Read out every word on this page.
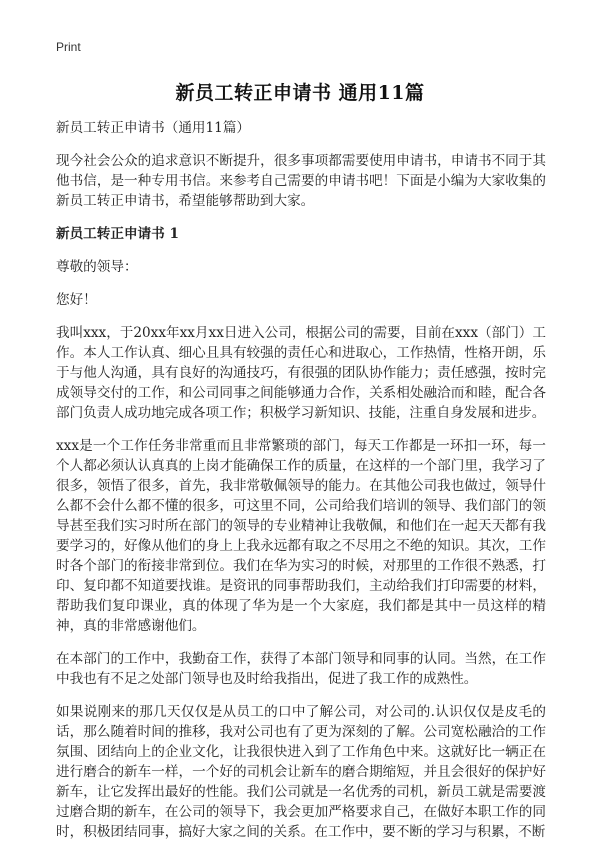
Print
新员工转正申请书 通用11篇

新员工转正申请书（通用11篇）

现今社会公众的追求意识不断提升，很多事项都需要使用申请书，申请书不同于其他书信，是一种专用书信。来参考自己需要的申请书吧！下面是小编为大家收集的新员工转正申请书，希望能够帮助到大家。

新员工转正申请书 1

尊敬的领导：

您好！

我叫xxx，于20xx年xx月xx日进入公司，根据公司的需要，目前在xxx（部门）工作。本人工作认真、细心且具有较强的责任心和进取心，工作热情，性格开朗，乐于与他人沟通，具有良好的沟通技巧，有很强的团队协作能力；责任感强，按时完成领导交付的工作，和公司同事之间能够通力合作，关系相处融洽而和睦，配合各部门负责人成功地完成各项工作；积极学习新知识、技能，注重自身发展和进步。

xxx是一个工作任务非常重而且非常繁琐的部门，每天工作都是一环扣一环，每一个人都必须认认真真的上岗才能确保工作的质量，在这样的一个部门里，我学习了很多，领悟了很多，首先，我非常敬佩领导的能力。在其他公司我也做过，领导什么都不会什么都不懂的很多，可这里不同，公司给我们培训的领导、我们部门的领导甚至我们实习时所在部门的领导的专业精神让我敬佩，和他们在一起天天都有我要学习的，好像从他们的身上上我永远都有取之不尽用之不绝的知识。其次，工作时各个部门的衔接非常到位。我们在华为实习的时候，对那里的工作很不熟悉，打印、复印都不知道要找谁。是资讯的同事帮助我们，主动给我们打印需要的材料，帮助我们复印课业，真的体现了华为是一个大家庭，我们都是其中一员这样的精神，真的非常感谢他们。

在本部门的工作中，我勤奋工作，获得了本部门领导和同事的认同。当然，在工作中我也有不足之处部门领导也及时给我指出，促进了我工作的成熟性。

如果说刚来的那几天仅仅是从员工的口中了解公司，对公司的.认识仅仅是皮毛的话，那么随着时间的推移，我对公司也有了更为深刻的了解。公司宽松融洽的工作氛围、团结向上的企业文化，让我很快进入到了工作角色中来。这就好比一辆正在进行磨合的新车一样，一个好的司机会让新车的磨合期缩短，并且会很好的保护好新车，让它发挥出最好的性能。我们公司就是一名优秀的司机，新员工就是需要渡过磨合期的新车，在公司的领导下，我会更加严格要求自己，在做好本职工作的同时，积极团结同事，搞好大家之间的关系。在工作中，要不断的学习与积累，不断
